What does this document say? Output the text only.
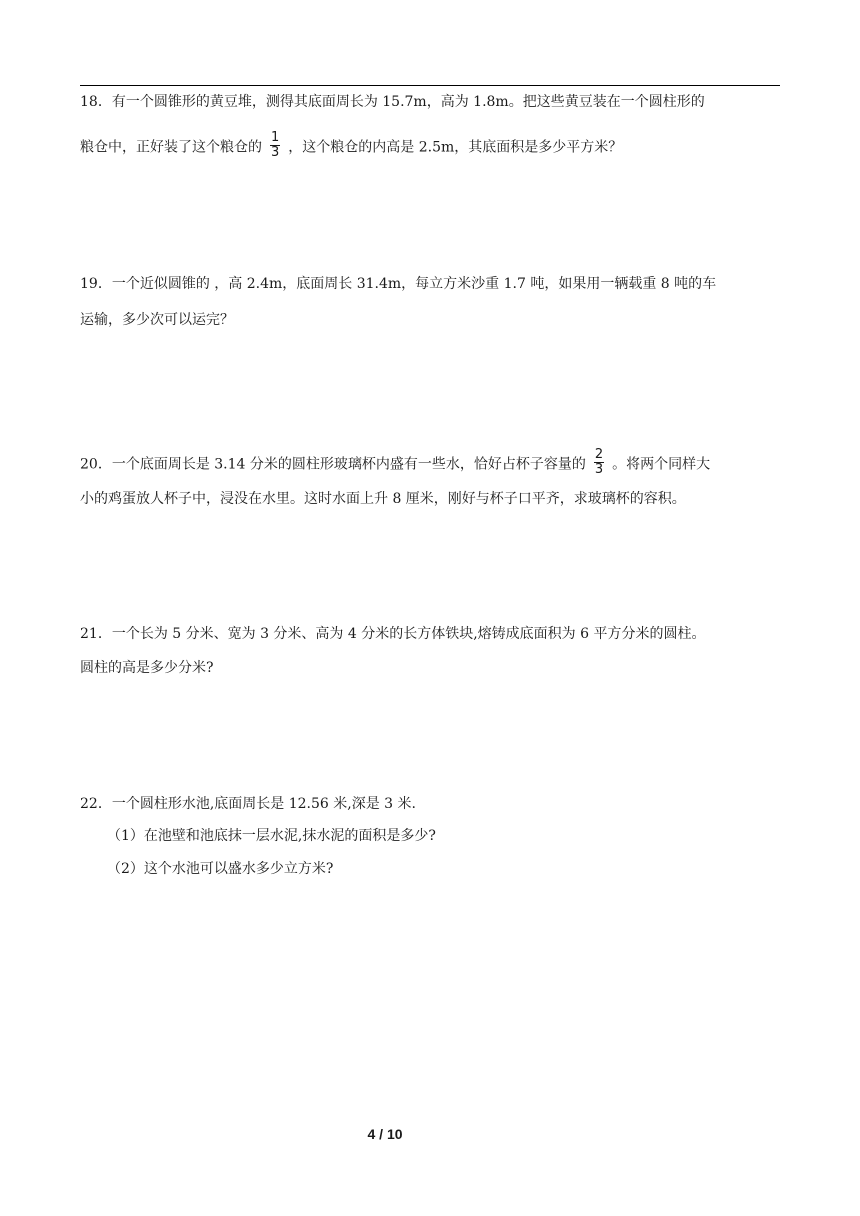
18．有一个圆锥形的黄豆堆，测得其底面周长为 15.7m，高为 1.8m。把这些黄豆装在一个圆柱形的
粮仓中，正好装了这个粮仓的 $\frac{1}{3}$ ，这个粮仓的内高是 2.5m，其底面积是多少平方米？
19．一个近似圆锥的 ，高 2.4m，底面周长 31.4m，每立方米沙重 1.7 吨，如果用一辆载重 8 吨的车
运输，多少次可以运完？
20．一个底面周长是 3.14 分米的圆柱形玻璃杯内盛有一些水，恰好占杯子容量的 $\frac{2}{3}$ 。将两个同样大
小的鸡蛋放人杯子中，浸没在水里。这时水面上升 8 厘米，刚好与杯子口平齐，求玻璃杯的容积。
21．一个长为 5 分米、宽为 3 分米、高为 4 分米的长方体铁块,熔铸成底面积为 6 平方分米的圆柱。
圆柱的高是多少分米?
22．一个圆柱形水池,底面周长是 12.56 米,深是 3 米.
（1）在池壁和池底抹一层水泥,抹水泥的面积是多少?
（2）这个水池可以盛水多少立方米?
4 / 10
